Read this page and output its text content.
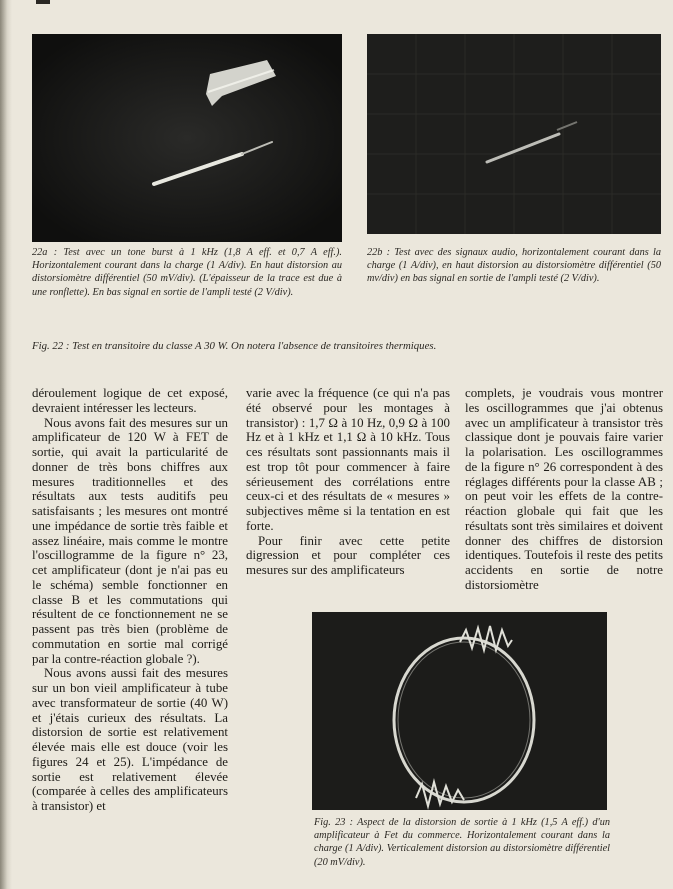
22a : Test avec un tone burst à 1 kHz (1,8 A eff. et 0,7 A eff.). Horizontalement courant dans la charge (1 A/div). En haut distorsion au distorsiomètre différentiel (50 mV/div). (L'épaisseur de la trace est due à une ronflette). En bas signal en sortie de l'ampli testé (2 V/div).

22b : Test avec des signaux audio, horizontalement courant dans la charge (1 A/div), en haut distorsion au distorsiomètre différentiel (50 mv/div) en bas signal en sortie de l'ampli testé (2 V/div).

Fig. 22 : Test en transitoire du classe A 30 W. On notera l'absence de transitoires thermiques.

déroulement logique de cet exposé, devraient intéresser les lecteurs.

Nous avons fait des mesures sur un amplificateur de 120 W à FET de sortie, qui avait la particularité de donner de très bons chiffres aux mesures traditionnelles et des résultats aux tests auditifs peu satisfaisants ; les mesures ont montré une impédance de sortie très faible et assez linéaire, mais comme le montre l'oscillogramme de la figure n° 23, cet amplificateur (dont je n'ai pas eu le schéma) semble fonctionner en classe B et les commutations qui résultent de ce fonctionnement ne se passent pas très bien (problème de commutation en sortie mal corrigé par la contre-réaction globale ?).

Nous avons aussi fait des mesures sur un bon vieil amplificateur à tube avec transformateur de sortie (40 W) et j'étais curieux des résultats. La distorsion de sortie est relativement élevée mais elle est douce (voir les figures 24 et 25). L'impédance de sortie est relativement élevée (comparée à celles des amplificateurs à transistor) et

varie avec la fréquence (ce qui n'a pas été observé pour les montages à transistor) : 1,7 Ω à 10 Hz, 0,9 Ω à 100 Hz et à 1 kHz et 1,1 Ω à 10 kHz. Tous ces résultats sont passionnants mais il est trop tôt pour commencer à faire sérieusement des corrélations entre ceux-ci et des résultats de « mesures » subjectives même si la tentation en est forte.

Pour finir avec cette petite digression et pour compléter ces mesures sur des amplificateurs

complets, je voudrais vous montrer les oscillogrammes que j'ai obtenus avec un amplificateur à transistor très classique dont je pouvais faire varier la polarisation. Les oscillogrammes de la figure n° 26 correspondent à des réglages différents pour la classe AB ; on peut voir les effets de la contre-réaction globale qui fait que les résultats sont très similaires et doivent donner des chiffres de distorsion identiques. Toutefois il reste des petits accidents en sortie de notre distorsiomètre

Fig. 23 : Aspect de la distorsion de sortie à 1 kHz (1,5 A eff.) d'un amplificateur à Fet du commerce. Horizontalement courant dans la charge (1 A/div). Verticalement distorsion au distorsiomètre différentiel (20 mV/div).
